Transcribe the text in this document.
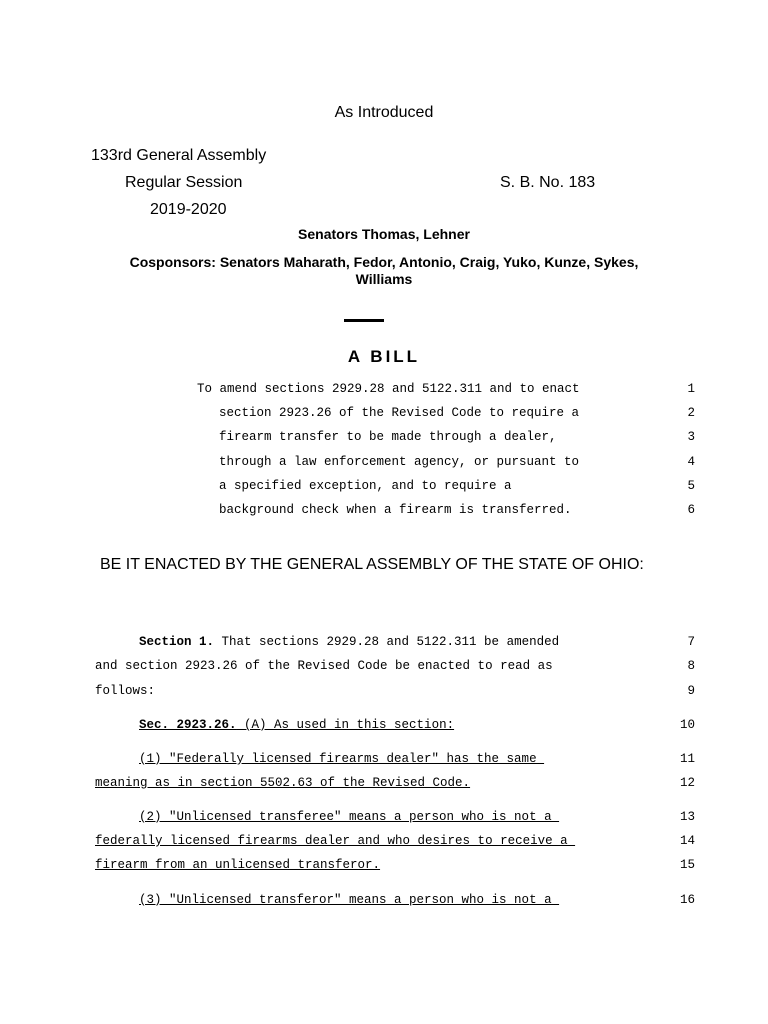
As Introduced
133rd General Assembly
Regular Session	S. B. No. 183
2019-2020
Senators Thomas, Lehner
Cosponsors: Senators Maharath, Fedor, Antonio, Craig, Yuko, Kunze, Sykes,
Williams
A BILL
To amend sections 2929.28 and 5122.311 and to enact	1
section 2923.26 of the Revised Code to require a	2
firearm transfer to be made through a dealer,	3
through a law enforcement agency, or pursuant to	4
a specified exception, and to require a	5
background check when a firearm is transferred.	6
BE IT ENACTED BY THE GENERAL ASSEMBLY OF THE STATE OF OHIO:
Section 1. That sections 2929.28 and 5122.311 be amended	7
and section 2923.26 of the Revised Code be enacted to read as	8
follows:	9
Sec. 2923.26. (A) As used in this section:	10
(1) "Federally licensed firearms dealer" has the same	11
meaning as in section 5502.63 of the Revised Code.	12
(2) "Unlicensed transferee" means a person who is not a	13
federally licensed firearms dealer and who desires to receive a	14
firearm from an unlicensed transferor.	15
(3) "Unlicensed transferor" means a person who is not a	16
